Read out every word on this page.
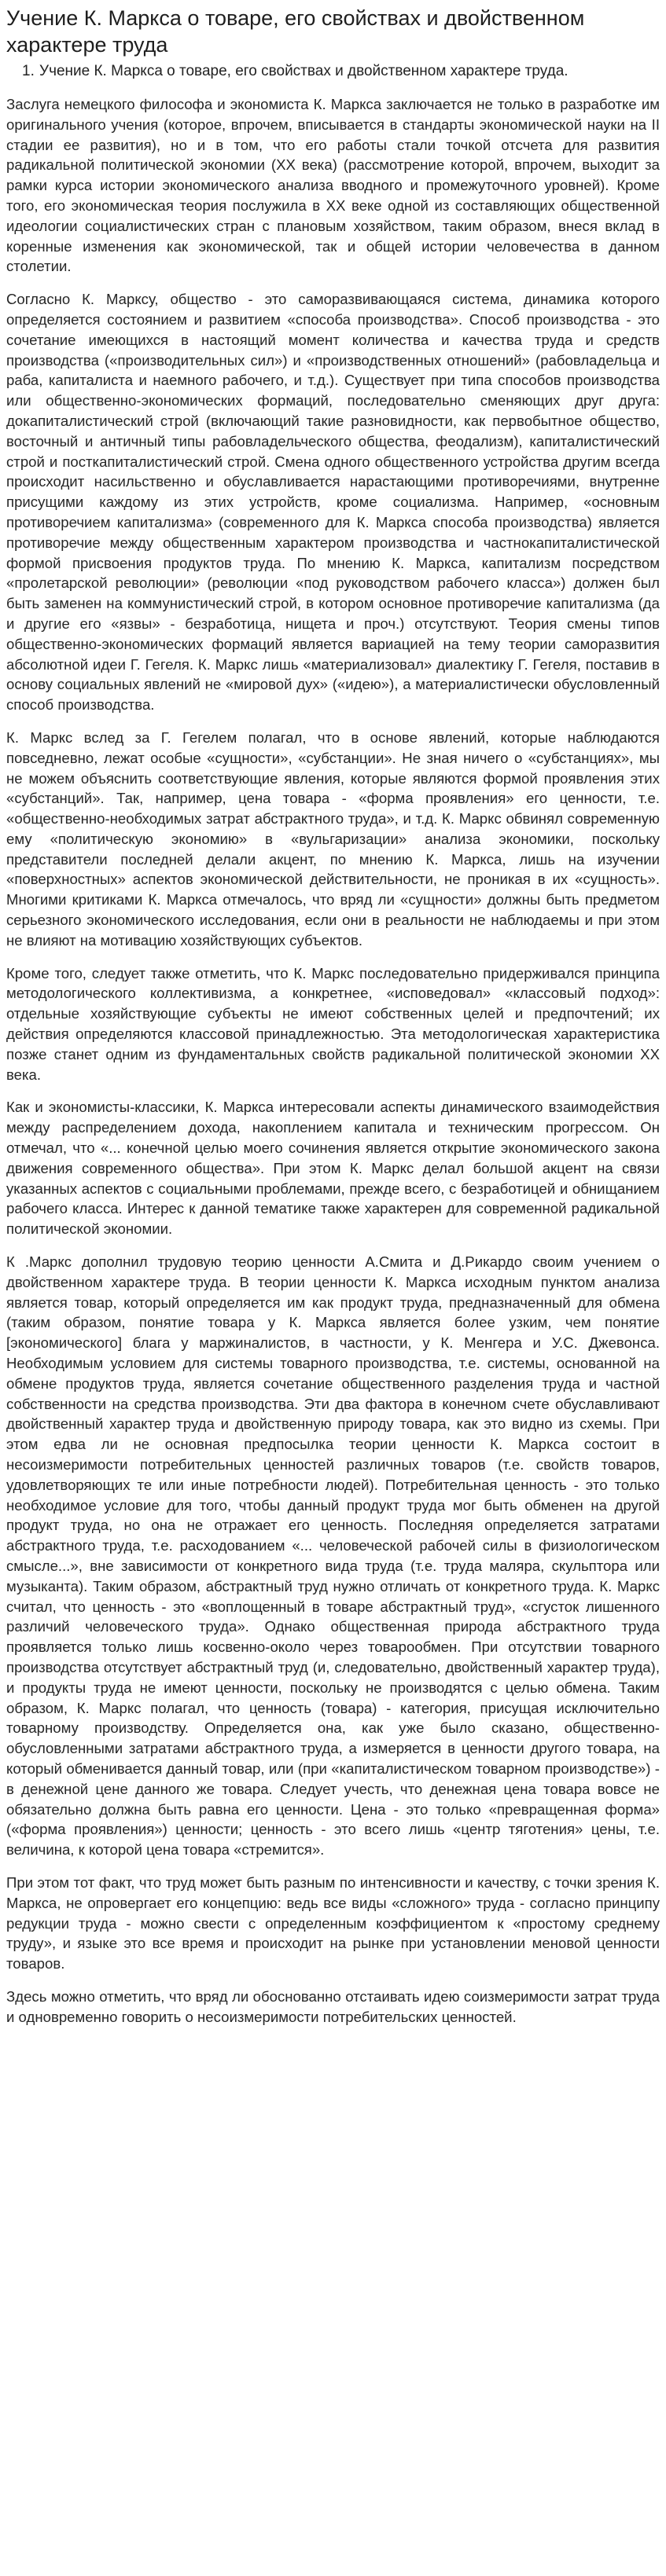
Учение К. Маркса о товаре, его свойствах и двойственном характере труда
1. Учение К. Маркса о товаре, его свойствах и двойственном характере труда.

Заслуга немецкого философа и экономиста К. Маркса заключается не только в разработке им оригинального учения (которое, впрочем, вписывается в стандарты экономической науки на II стадии ее развития), но и в том, что его работы стали точкой отсчета для развития радикальной политической экономии (XX века) (рассмотрение которой, впрочем, выходит за рамки курса истории экономического анализа вводного и промежуточного уровней). Кроме того, его экономическая теория послужила в XX веке одной из составляющих общественной идеологии социалистических стран с плановым хозяйством, таким образом, внеся вклад в коренные изменения как экономической, так и общей истории человечества в данном столетии.

Согласно К. Марксу, общество - это саморазвивающаяся система, динамика которого определяется состоянием и развитием «способа производства». Способ производства - это сочетание имеющихся в настоящий момент количества и качества труда и средств производства («производительных сил») и «производственных отношений» (рабовладельца и раба, капиталиста и наемного рабочего, и т.д.). Существует при типа способов производства или общественно-экономических формаций, последовательно сменяющих друг друга: докапиталистический строй (включающий такие разновидности, как первобытное общество, восточный и античный типы рабовладельческого общества, феодализм), капиталистический строй и посткапиталистический строй. Смена одного общественного устройства другим всегда происходит насильственно и обуславливается нарастающими противоречиями, внутренне присущими каждому из этих устройств, кроме социализма. Например, «основным противоречием капитализма» (современного для К. Маркса способа производства) является противоречие между общественным характером производства и частнокапиталистической формой присвоения продуктов труда. По мнению К. Маркса, капитализм посредством «пролетарской революции» (революции «под руководством рабочего класса») должен был быть заменен на коммунистический строй, в котором основное противоречие капитализма (да и другие его «язвы» - безработица, нищета и проч.) отсутствуют. Теория смены типов общественно-экономических формаций является вариацией на тему теории саморазвития абсолютной идеи Г. Гегеля. К. Маркс лишь «материализовал» диалектику Г. Гегеля, поставив в основу социальных явлений не «мировой дух» («идею»), а материалистически обусловленный способ производства.

К. Маркс вслед за Г. Гегелем полагал, что в основе явлений, которые наблюдаются повседневно, лежат особые «сущности», «субстанции». Не зная ничего о «субстанциях», мы не можем объяснить соответствующие явления, которые являются формой проявления этих «субстанций». Так, например, цена товара - «форма проявления» его ценности, т.е. «общественно-необходимых затрат абстрактного труда», и т.д. К. Маркс обвинял современную ему «политическую экономию» в «вульгаризации» анализа экономики, поскольку представители последней делали акцент, по мнению К. Маркса, лишь на изучении «поверхностных» аспектов экономической действительности, не проникая в их «сущность». Многими критиками К. Маркса отмечалось, что вряд ли «сущности» должны быть предметом серьезного экономического исследования, если они в реальности не наблюдаемы и при этом не влияют на мотивацию хозяйствующих субъектов.

Кроме того, следует также отметить, что К. Маркс последовательно придерживался принципа методологического коллективизма, а конкретнее, «исповедовал» «классовый подход»: отдельные хозяйствующие субъекты не имеют собственных целей и предпочтений; их действия определяются классовой принадлежностью. Эта методологическая характеристика позже станет одним из фундаментальных свойств радикальной политической экономии XX века.

Как и экономисты-классики, К. Маркса интересовали аспекты динамического взаимодействия между распределением дохода, накоплением капитала и техническим прогрессом. Он отмечал, что «... конечной целью моего сочинения является открытие экономического закона движения современного общества». При этом К. Маркс делал большой акцент на связи указанных аспектов с социальными проблемами, прежде всего, с безработицей и обнищанием рабочего класса. Интерес к данной тематике также характерен для современной радикальной политической экономии.

К .Маркс дополнил трудовую теорию ценности А.Смита и Д.Рикардо своим учением о двойственном характере труда. В теории ценности К. Маркса исходным пунктом анализа является товар, который определяется им как продукт труда, предназначенный для обмена (таким образом, понятие товара у К. Маркса является более узким, чем понятие [экономического] блага у маржиналистов, в частности, у К. Менгера и У.С. Джевонса. Необходимым условием для системы товарного производства, т.е. системы, основанной на обмене продуктов труда, является сочетание общественного разделения труда и частной собственности на средства производства. Эти два фактора в конечном счете обуславливают двойственный характер труда и двойственную природу товара, как это видно из схемы. При этом едва ли не основная предпосылка теории ценности К. Маркса состоит в несоизмеримости потребительных ценностей различных товаров (т.е. свойств товаров, удовлетворяющих те или иные потребности людей). Потребительная ценность - это только необходимое условие для того, чтобы данный продукт труда мог быть обменен на другой продукт труда, но она не отражает его ценность. Последняя определяется затратами абстрактного труда, т.е. расходованием «... человеческой рабочей силы в физиологическом смысле...», вне зависимости от конкретного вида труда (т.е. труда маляра, скульптора или музыканта). Таким образом, абстрактный труд нужно отличать от конкретного труда. К. Маркс считал, что ценность - это «воплощенный в товаре абстрактный труд», «сгусток лишенного различий человеческого труда». Однако общественная природа абстрактного труда проявляется только лишь косвенно-около через товарообмен. При отсутствии товарного производства отсутствует абстрактный труд (и, следовательно, двойственный характер труда), и продукты труда не имеют ценности, поскольку не производятся с целью обмена. Таким образом, К. Маркс полагал, что ценность (товара) - категория, присущая исключительно товарному производству. Определяется она, как уже было сказано, общественно-обусловленными затратами абстрактного труда, а измеряется в ценности другого товара, на который обменивается данный товар, или (при «капиталистическом товарном производстве») - в денежной цене данного же товара. Следует учесть, что денежная цена товара вовсе не обязательно должна быть равна его ценности. Цена - это только «превращенная форма» («форма проявления») ценности; ценность - это всего лишь «центр тяготения» цены, т.е. величина, к которой цена товара «стремится».

При этом тот факт, что труд может быть разным по интенсивности и качеству, с точки зрения К. Маркса, не опровергает его концепцию: ведь все виды «сложного» труда - согласно принципу редукции труда - можно свести с определенным коэффициентом к «простому среднему труду», и языке это все время и происходит на рынке при установлении меновой ценности товаров.

Здесь можно отметить, что вряд ли обоснованно отстаивать идею соизмеримости затрат труда и одновременно говорить о несоизмеримости потребительских ценностей.
